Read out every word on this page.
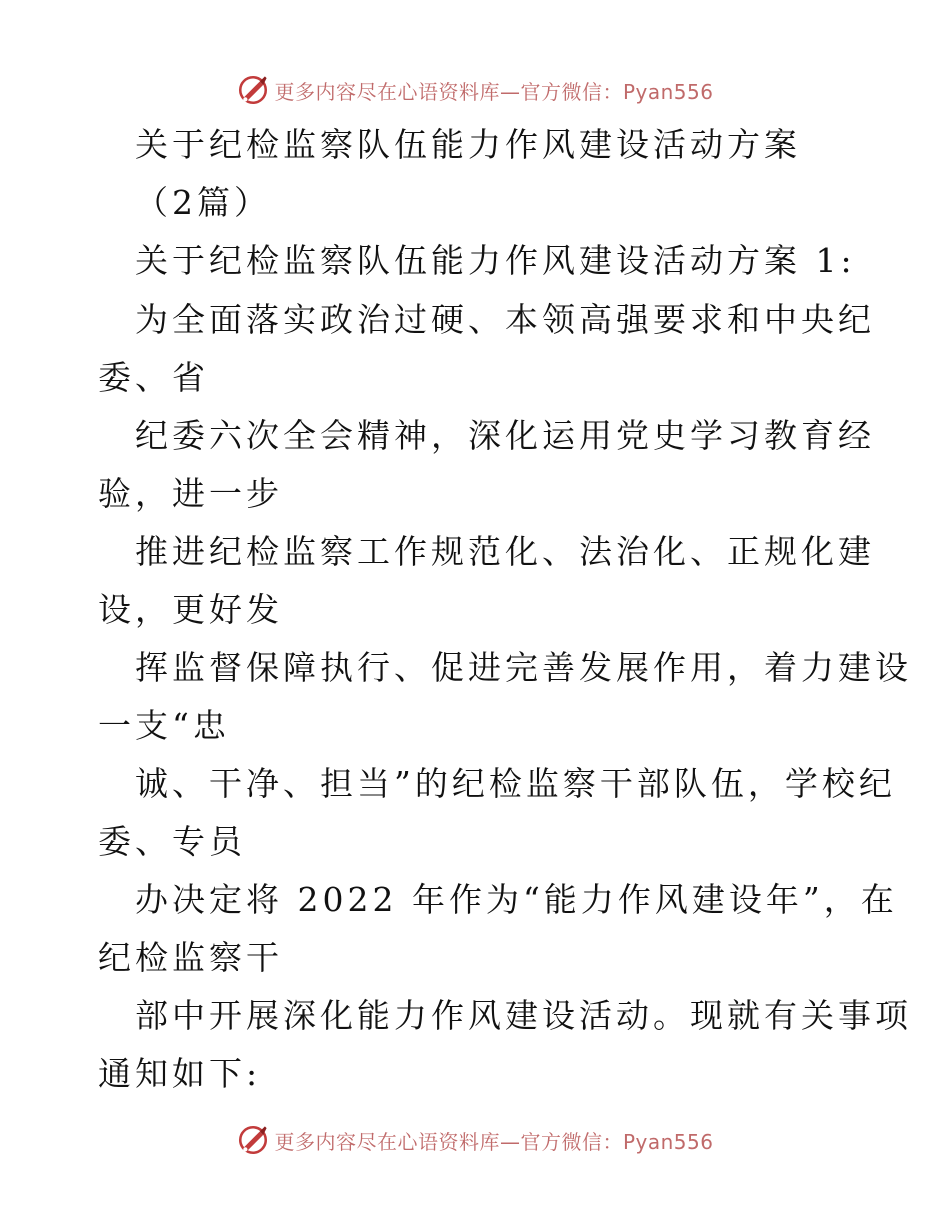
更多内容尽在心语资料库—官方微信：Pyan556
关于纪检监察队伍能力作风建设活动方案
（2篇）
关于纪检监察队伍能力作风建设活动方案 1:
为全面落实政治过硬、本领高强要求和中央纪
委、省
纪委六次全会精神，深化运用党史学习教育经
验，进一步
推进纪检监察工作规范化、法治化、正规化建
设，更好发
挥监督保障执行、促进完善发展作用，着力建设
一支“忠
诚、干净、担当”的纪检监察干部队伍，学校纪
委、专员
办决定将 2022 年作为“能力作风建设年”，在
纪检监察干
部中开展深化能力作风建设活动。现就有关事项
通知如下:
更多内容尽在心语资料库—官方微信：Pyan556
